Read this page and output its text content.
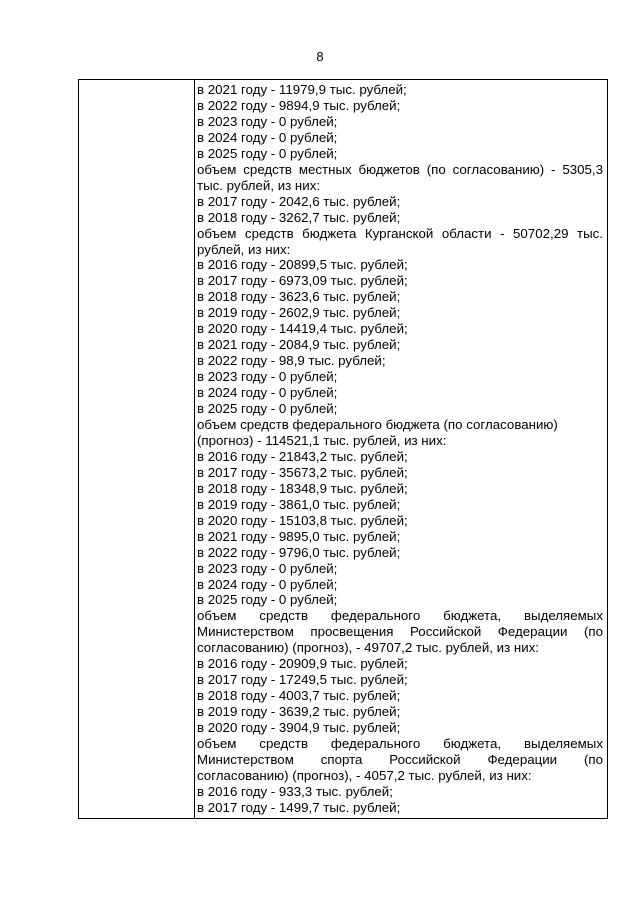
8
в 2021 году - 11979,9 тыс. рублей;
в 2022 году - 9894,9 тыс. рублей;
в 2023 году - 0 рублей;
в 2024 году - 0 рублей;
в 2025 году - 0 рублей;
объем средств местных бюджетов (по согласованию) - 5305,3
тыс. рублей, из них:
в 2017 году - 2042,6 тыс. рублей;
в 2018 году - 3262,7 тыс. рублей;
объем средств бюджета Курганской области - 50702,29 тыс.
рублей, из них:
в 2016 году - 20899,5 тыс. рублей;
в 2017 году - 6973,09 тыс. рублей;
в 2018 году - 3623,6 тыс. рублей;
в 2019 году - 2602,9 тыс. рублей;
в 2020 году - 14419,4 тыс. рублей;
в 2021 году - 2084,9 тыс. рублей;
в 2022 году - 98,9 тыс. рублей;
в 2023 году - 0 рублей;
в 2024 году - 0 рублей;
в 2025 году - 0 рублей;
объем средств федерального бюджета (по согласованию)
(прогноз) - 114521,1 тыс. рублей, из них:
в 2016 году - 21843,2 тыс. рублей;
в 2017 году - 35673,2 тыс. рублей;
в 2018 году - 18348,9 тыс. рублей;
в 2019 году - 3861,0 тыс. рублей;
в 2020 году - 15103,8 тыс. рублей;
в 2021 году - 9895,0 тыс. рублей;
в 2022 году - 9796,0 тыс. рублей;
в 2023 году - 0 рублей;
в 2024 году - 0 рублей;
в 2025 году - 0 рублей;
объем средств федерального бюджета, выделяемых
Министерством просвещения Российской Федерации (по
согласованию) (прогноз), - 49707,2 тыс. рублей, из них:
в 2016 году - 20909,9 тыс. рублей;
в 2017 году - 17249,5 тыс. рублей;
в 2018 году - 4003,7 тыс. рублей;
в 2019 году - 3639,2 тыс. рублей;
в 2020 году - 3904,9 тыс. рублей;
объем средств федерального бюджета, выделяемых
Министерством спорта Российской Федерации (по
согласованию) (прогноз), - 4057,2 тыс. рублей, из них:
в 2016 году - 933,3 тыс. рублей;
в 2017 году - 1499,7 тыс. рублей;
